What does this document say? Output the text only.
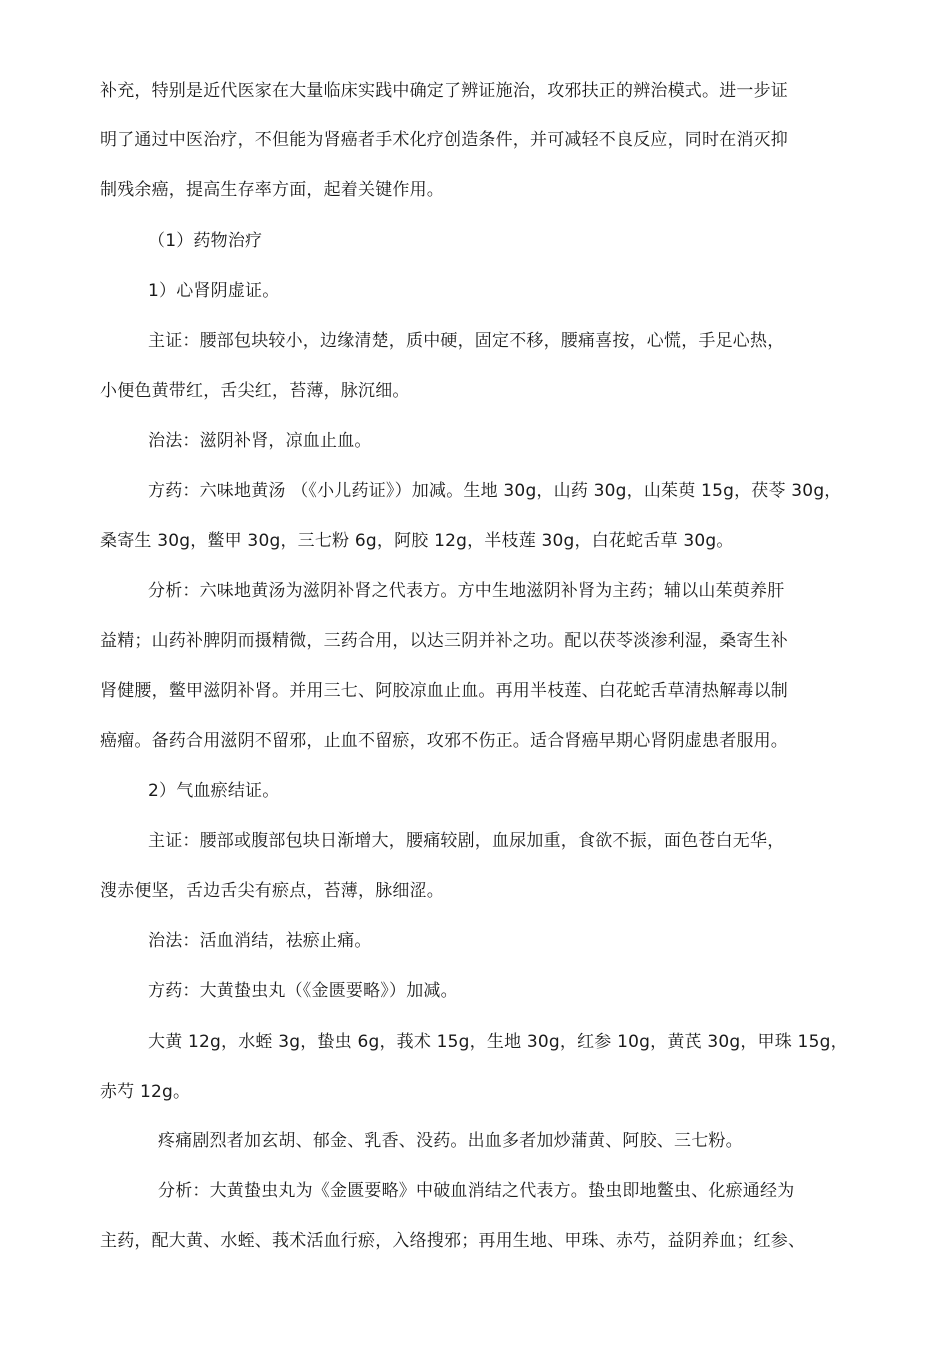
补充，特别是近代医家在大量临床实践中确定了辨证施治，攻邪扶正的辨治模式。进一步证
明了通过中医治疗，不但能为肾癌者手术化疗创造条件，并可减轻不良反应，同时在消灭抑
制残余癌，提高生存率方面，起着关键作用。
（1）药物治疗
1）心肾阴虚证。
主证：腰部包块较小，边缘清楚，质中硬，固定不移，腰痛喜按，心慌，手足心热，
小便色黄带红，舌尖红，苔薄，脉沉细。
治法：滋阴补肾，凉血止血。
方药：六味地黄汤 （《小儿药证》）加减。生地 30g，山药 30g，山茱萸 15g，茯苓 30g，
桑寄生 30g，鳖甲 30g，三七粉 6g，阿胶 12g，半枝莲 30g，白花蛇舌草 30g。
分析：六味地黄汤为滋阴补肾之代表方。方中生地滋阴补肾为主药；辅以山茱萸养肝
益精；山药补脾阴而摄精微，三药合用，以达三阴并补之功。配以茯苓淡渗利湿，桑寄生补
肾健腰，鳖甲滋阴补肾。并用三七、阿胶凉血止血。再用半枝莲、白花蛇舌草清热解毒以制
癌瘤。备药合用滋阴不留邪，止血不留瘀，攻邪不伤正。适合肾癌早期心肾阴虚患者服用。
2）气血瘀结证。
主证：腰部或腹部包块日渐增大，腰痛较剧，血尿加重，食欲不振，面色苍白无华，
溲赤便坚，舌边舌尖有瘀点，苔薄，脉细涩。
治法：活血消结，祛瘀止痛。
方药：大黄蛰虫丸（《金匮要略》）加减。
大黄 12g，水蛭 3g，蛰虫 6g，莪术 15g，生地 30g，红参 10g，黄芪 30g，甲珠 15g，
赤芍 12g。
疼痛剧烈者加玄胡、郁金、乳香、没药。出血多者加炒蒲黄、阿胶、三七粉。
分析：大黄蛰虫丸为《金匮要略》中破血消结之代表方。蛰虫即地鳖虫、化瘀通经为
主药，配大黄、水蛭、莪术活血行瘀，入络搜邪；再用生地、甲珠、赤芍，益阴养血；红参、
